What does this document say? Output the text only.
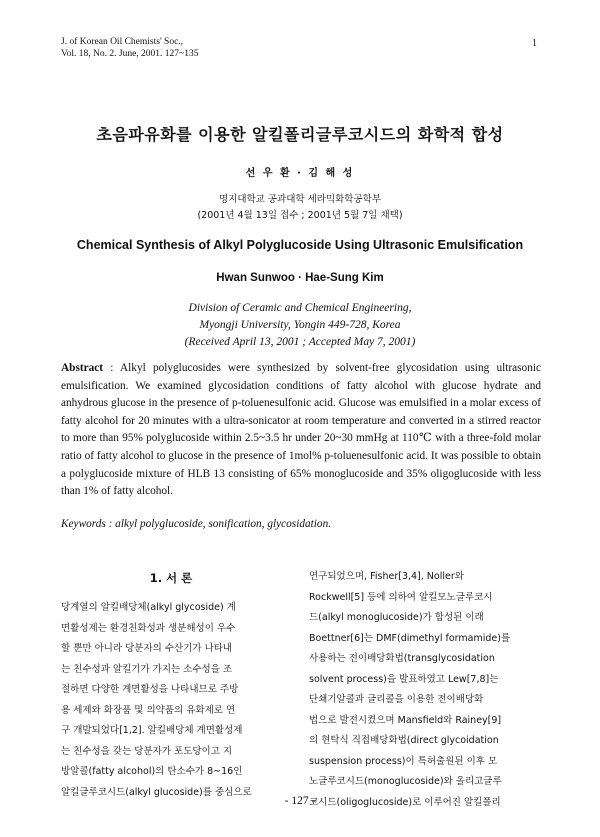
J. of Korean Oil Chemists' Soc.,
Vol. 18, No. 2. June, 2001. 127~135
1
초음파유화를 이용한 알킬폴리글루코시드의 화학적 합성
선 우 환 · 김 해 성
명지대학교 공과대학 세라믹화학공학부
(2001년 4월 13일 접수 ; 2001년 5월 7일 채택)
Chemical Synthesis of Alkyl Polyglucoside Using Ultrasonic Emulsification
Hwan Sunwoo · Hae-Sung Kim
Division of Ceramic and Chemical Engineering,
Myongji University, Yongin 449-728, Korea
(Received April 13, 2001 ; Accepted May 7, 2001)
Abstract : Alkyl polyglucosides were synthesized by solvent-free glycosidation using ultrasonic emulsification. We examined glycosidation conditions of fatty alcohol with glucose hydrate and anhydrous glucose in the presence of p-toluenesulfonic acid. Glucose was emulsified in a molar excess of fatty alcohol for 20 minutes with a ultra-sonicator at room temperature and converted in a stirred reactor to more than 95% polyglucoside within 2.5~3.5 hr under 20~30 mmHg at 110℃ with a three-fold molar ratio of fatty alcohol to glucose in the presence of 1mol% p-toluenesulfonic acid. It was possible to obtain a polyglucoside mixture of HLB 13 consisting of 65% monoglucoside and 35% oligoglucoside with less than 1% of fatty alcohol.
Keywords : alkyl polyglucoside, sonification, glycosidation.
1. 서 론
당계열의 알킬배당체(alkyl glycoside) 계
면활성제는 환경친화성과 생분해성이 우수
할 뿐만 아니라 당분자의 수산기가 나타내
는 친수성과 알킬기가 가지는 소수성을 조
절하면 다양한 계면활성을 나타내므로 주방
용 세제와 화장품 및 의약품의 유화제로 연
구 개발되었다[1,2]. 알킬배당체 계면활성제
는 친수성을 갖는 당분자가 포도당이고 지
방알콜(fatty alcohol)의 탄소수가 8~16인
알킬글루코시드(alkyl glucoside)를 중심으로
연구되었으며, Fisher[3,4], Noller와
Rockwell[5] 등에 의하여 알킬모노글루코시
드(alkyl monoglucoside)가 합성된 이래
Boettner[6]는 DMF(dimethyl formamide)를
사용하는 전이배당화법(transglycosidation
solvent process)을 발표하였고 Lew[7,8]는
단쇄기알콜과 글리콜을 이용한 전이배당화
법으로 발전시켰으며 Mansfield와 Rainey[9]
의 현탁식 직접배당화법(direct glycoidation
suspension process)이 특허출원된 이후 모
노글루코시드(monoglucoside)와 올리고글루
코시드(oligoglucoside)로 이루어진 알킬폴리
- 127 -
